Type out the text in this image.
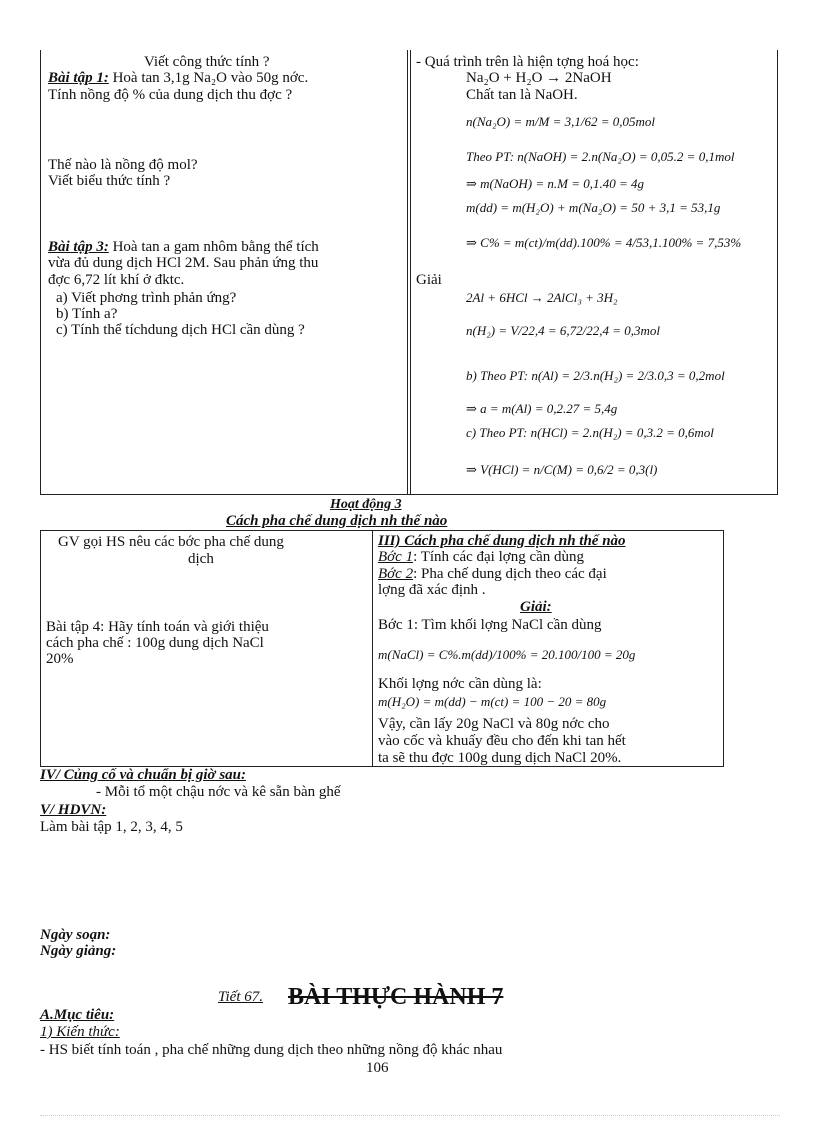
Viết công thức tính ?
Bài tập 1: Hoà tan 3,1g Na₂O vào 50g nớc.
Tính nồng độ % của dung dịch thu đợc ?
Thế nào là nồng độ mol?
Viết biểu thức tính ?
Bài tập 3: Hoà tan a gam nhôm bằng thể tích
vừa đủ dung dịch HCl 2M. Sau phản ứng thu
đợc 6,72 lít khí ở đktc.
a) Viết phơng trình phản ứng?
b) Tính a?
c) Tính thể tíchdung dịch HCl cần dùng ?
- Quá trình trên là hiện tợng hoá học:
Na₂O + H₂O → 2NaOH
Chất tan là NaOH.
n(Na₂O) = m/M = 3,1/62 = 0,05mol
Theo PT: n(NaOH) = 2.n(Na₂O) = 0,05.2 = 0,1mol
⇒ m(NaOH) = n.M = 0,1.40 = 4g
m(dd) = m(H₂O) + m(Na₂O) = 50 + 3,1 = 53,1g
⇒ C% = m(ct)/m(dd).100% = 4/53,1.100% = 7,53%
Giải
2Al + 6HCl → 2AlCl₃ + 3H₂
n(H₂) = V/22,4 = 6,72/22,4 = 0,3mol
b) Theo PT: n(Al) = 2/3.n(H₂) = 2/3.0,3 = 0,2mol
⇒ a = m(Al) = 0,2.27 = 5,4g
c) Theo PT: n(HCl) = 2.n(H₂) = 0,3.2 = 0,6mol
⇒ V(HCl) = n/C(M) = 0,6/2 = 0,3(l)
Hoạt động 3
Cách pha chế dung dịch nh thế nào
GV gọi HS nêu các bớc pha chế dung
dịch
Bài tập 4: Hãy tính toán và giới thiệu
cách pha chế : 100g dung dịch NaCl
20%
III) Cách pha chế dung dịch nh thế nào
Bớc 1: Tính các đại lợng cần dùng
Bớc 2: Pha chế dung dịch theo các đại
lợng đã xác định .
Giải:
Bớc 1: Tìm khối lợng NaCl cần dùng
m(NaCl) = C%.m(dd)/100% = 20.100/100 = 20g
Khối lợng nớc cần dùng là:
m(H₂O) = m(dd) − m(ct) = 100 − 20 = 80g
Vậy, cần lấy 20g NaCl và 80g nớc cho
vào cốc và khuấy đều cho đến khi tan hết
ta sẽ thu đợc 100g dung dịch NaCl 20%.
IV/ Củng cố và chuẩn bị giờ sau:
- Mỗi tổ một chậu nớc và kê sẵn bàn ghế
V/ HDVN:
Làm bài tập 1, 2, 3, 4, 5
Ngày soạn:
Ngày giảng:
Tiết 67. BÀI THỰC HÀNH 7
A.Mục tiêu:
1) Kiến thức:
- HS biết tính toán , pha chế những dung dịch theo những nồng độ khác nhau
106
